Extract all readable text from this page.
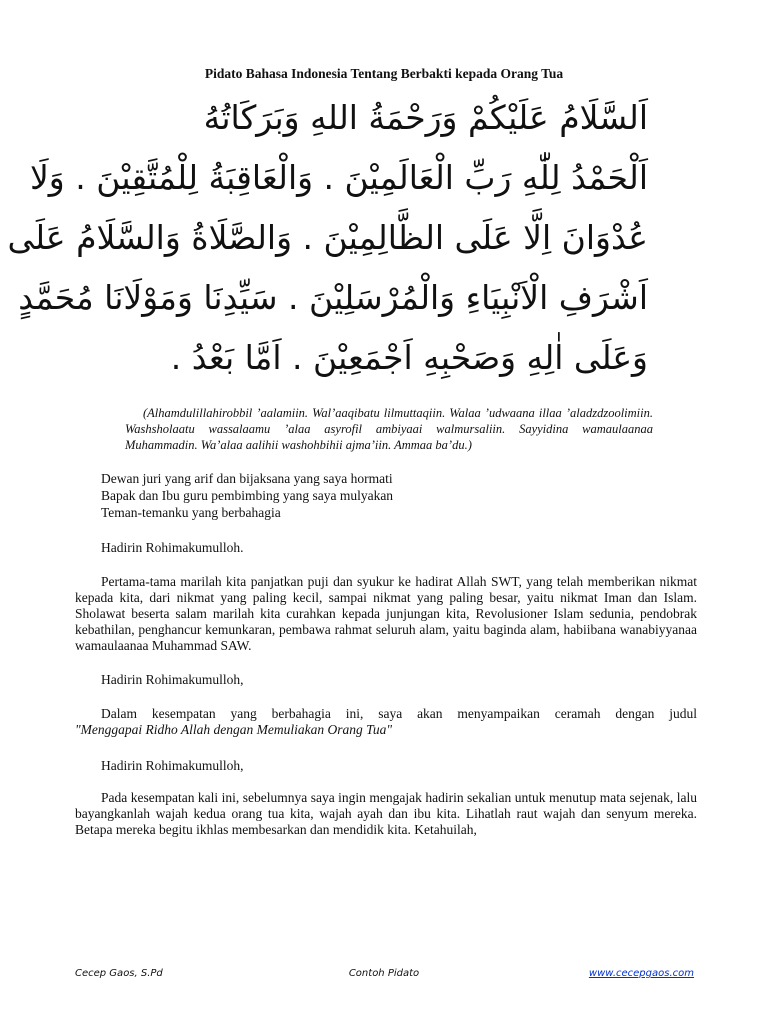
Pidato Bahasa Indonesia Tentang Berbakti kepada Orang Tua
اَلسَّلَامُ عَلَيْكُمْ وَرَحْمَةُ اللهِ وَبَرَكَاتُهُ
اَلْحَمْدُ لِلّٰهِ رَبِّ الْعَالَمِيْنَ . وَالْعَاقِبَةُ لِلْمُتَّقِيْنَ . وَلَا
عُدْوَانَ اِلَّا عَلَى الظَّالِمِيْنَ . وَالصَّلَاةُ وَالسَّلَامُ عَلَى
اَشْرَفِ الْاَنْبِيَاءِ وَالْمُرْسَلِيْنَ . سَيِّدِنَا وَمَوْلَانَا مُحَمَّدٍ
وَعَلَى اٰلِهِ وَصَحْبِهِ اَجْمَعِيْنَ . اَمَّا بَعْدُ .
(Alhamdulillahirobbil ’aalamiin. Wal’aaqibatu lilmuttaqiin. Walaa ’udwaana illaa ’aladzdzoolimiin. Washsholaatu wassalaamu ’alaa asyrofil ambiyaai walmursaliin. Sayyidina wamaulaanaa Muhammadin. Wa’alaa aalihii washohbihii ajma’iin. Ammaa ba’du.)
Dewan juri yang arif dan bijaksana yang saya hormati
Bapak dan Ibu guru pembimbing yang saya mulyakan
Teman-temanku yang berbahagia
Hadirin Rohimakumulloh.
Pertama-tama marilah kita panjatkan puji dan syukur ke hadirat Allah SWT, yang telah memberikan nikmat kepada kita, dari nikmat yang paling kecil, sampai nikmat yang paling besar, yaitu nikmat Iman dan Islam. Sholawat beserta salam marilah kita curahkan kepada junjungan kita, Revolusioner Islam sedunia, pendobrak kebathilan, penghancur kemunkaran, pembawa rahmat seluruh alam, yaitu baginda alam, habiibana wanabiyyanaa wamaulaanaa Muhammad SAW.
Hadirin Rohimakumulloh,
Dalam kesempatan yang berbahagia ini, saya akan menyampaikan ceramah dengan judul
"Menggapai Ridho Allah dengan Memuliakan Orang Tua"
Hadirin Rohimakumulloh,
Pada kesempatan kali ini, sebelumnya saya ingin mengajak hadirin sekalian untuk menutup mata sejenak, lalu bayangkanlah wajah kedua orang tua kita, wajah ayah dan ibu kita. Lihatlah raut wajah dan senyum mereka. Betapa mereka begitu ikhlas membesarkan dan mendidik kita. Ketahuilah,
Contoh Pidato
Cecep Gaos, S.Pd	www.cecepgaos.com
